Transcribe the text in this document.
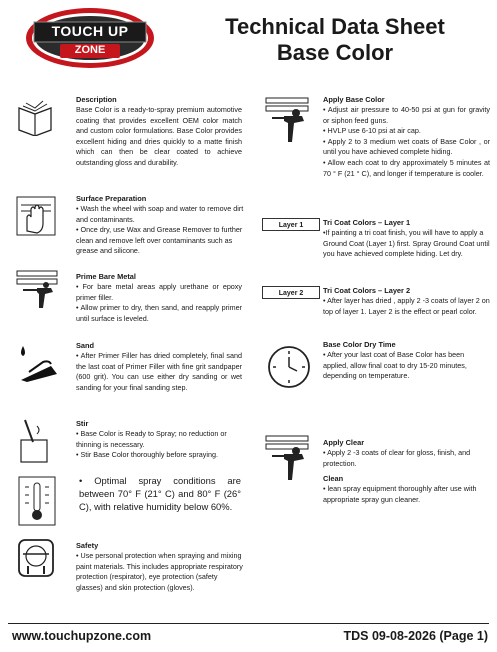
TOUCH UP
ZONE
Technical Data Sheet
Base Color
Layer 1
Layer 2
Description

Base Color is a ready-to-spray premium automotive coating that provides excellent OEM color match and custom color formulations. Base Color provides excellent hiding and dries quickly to a matte finish which can then be clear coated to achieve outstanding gloss and durability.

Surface Preparation

• Wash the wheel with soap and water to remove dirt and contaminants.

• Once dry, use Wax and Grease Remover to further clean and remove left over contaminants such as grease and silicone.

Prime Bare Metal

• For bare metal areas apply urethane or epoxy primer filler.

• Allow primer to dry, then sand, and reapply primer until surface is leveled.

Sand

• After Primer Filler has dried completely, final sand the last coat of Primer Filler with fine grit sandpaper (600 grit). You can use either dry sanding or wet sanding for your final sanding step.

Stir

• Base Color is Ready to Spray; no reduction or thinning is necessary.

• Stir Base Color thoroughly before spraying.

• Optimal spray conditions are between 70° F (21° C) and 80° F (26° C), with relative humidity below 60%.
Safety

• Use personal protection when spraying and mixing paint materials. This includes appropriate respiratory protection (respirator), eye protection (safety glasses) and skin protection (gloves).

Apply Base Color

• Adjust air pressure to 40-50 psi at gun for gravity or siphon feed guns.

• HVLP use 6-10 psi at air cap.

• Apply 2 to 3 medium wet coats of Base Color , or until you have achieved complete hiding.

• Allow each coat to dry approximately 5 minutes at 70 ° F (21 ° C), and longer if temperature is cooler.

Tri Coat Colors – Layer 1

•If painting a tri coat finish, you will have to apply a Ground Coat (Layer 1) first. Spray Ground Coat until you have achieved complete hiding. Let dry.

Tri Coat Colors – Layer 2

• After layer has dried , apply 2 -3 coats of layer 2 on top of layer 1. Layer 2 is the effect or pearl color.

Base Color Dry Time

• After your last coat of Base Color has been applied, allow final coat to dry 15-20 minutes, depending on temperature.

Apply Clear

• Apply 2 -3 coats of clear for gloss, finish, and protection.

Clean

• lean spray equipment thoroughly after use with appropriate spray gun cleaner.

www.touchupzone.com	TDS 09-08-2026 (Page 1)
